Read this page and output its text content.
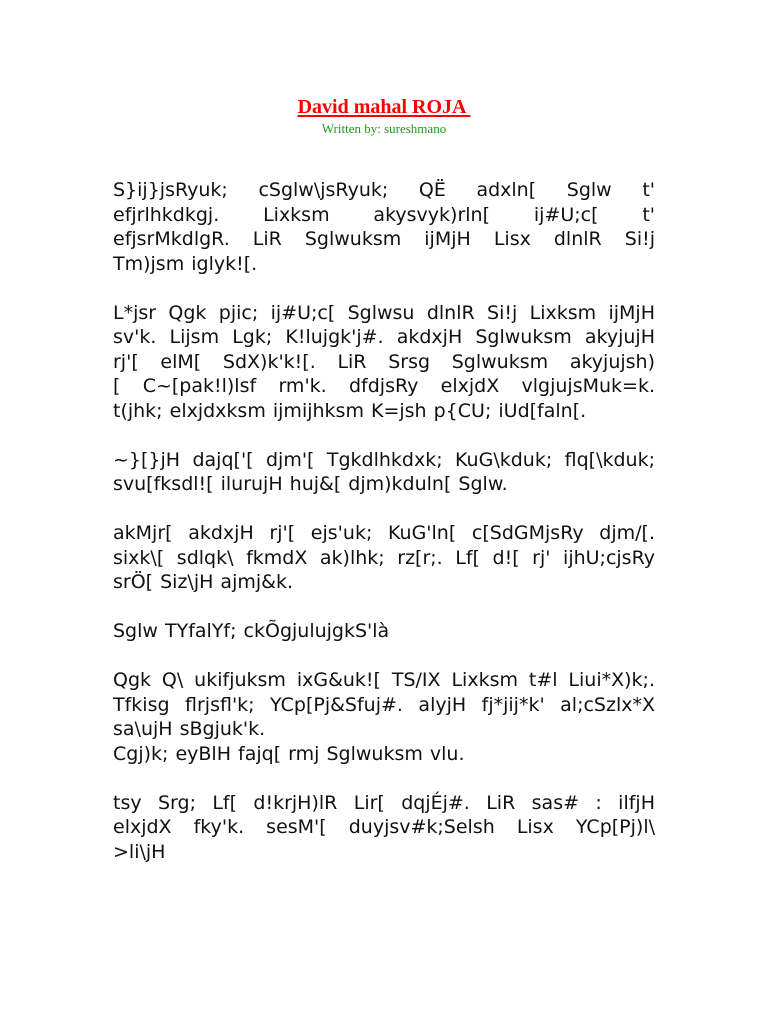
David mahal ROJA
Written by: sureshmano

S}ij}jsRyuk; cSglw\jsRyuk; QË adxln[ Sglw t'
efjrlhkdkgj. Lixksm akysvyk)rln[ ij#U;c[ t'
efjsrMkdlgR. LiR Sglwuksm ijMjH Lisx dlnlR Si!j
Tm)jsm iglyk![.

L*jsr Qgk pjic; ij#U;c[ Sglwsu dlnlR Si!j Lixksm ijMjH
sv'k. Lijsm Lgk; K!lujgk'j#. akdxjH Sglwuksm akyjujH
rj'[ elM[ SdX)k'k![. LiR Srsg Sglwuksm akyjujsh)
[ C~[pak!l)lsf rm'k. dfdjsRy elxjdX vlgjujsMuk=k.
t(jhk; elxjdxksm ijmijhksm K=jsh p{CU; iUd[faln[.

~}[}jH dajq['[ djm'[ Tgkdlhkdxk; KuG\kduk; flq[\kduk;
svu[fksdl![ ilurujH huj&[ djm)kduln[ Sglw.

akMjr[ akdxjH rj'[ ejs'uk; KuG'ln[ c[SdGMjsRy djm/[.
sixk\[ sdlqk\ fkmdX ak)lhk; rz[r;. Lf[ d![ rj' ijhU;cjsRy
srÖ[ Siz\jH ajmj&k.

Sglw TYfalYf; ckÕgjulujgkS'là

Qgk Q\ ukifjuksm ixG&uk![ TS/IX Lixksm t#l Liui*X)k;.
Tfkisg flrjsfl'k; YCp[Pj&Sfuj#. alyjH fj*jij*k' al;cSzlx*X
sa\ujH sBgjuk'k.
Cgj)k; eyBlH fajq[ rmj Sglwuksm vlu.

tsy Srg; Lf[ d!krjH)lR Lir[ dqjÉj#. LiR sas# : ilfjH
elxjdX fky'k. sesM'[ duyjsv#k;Selsh Lisx YCp[Pj)l\
>li\jH
